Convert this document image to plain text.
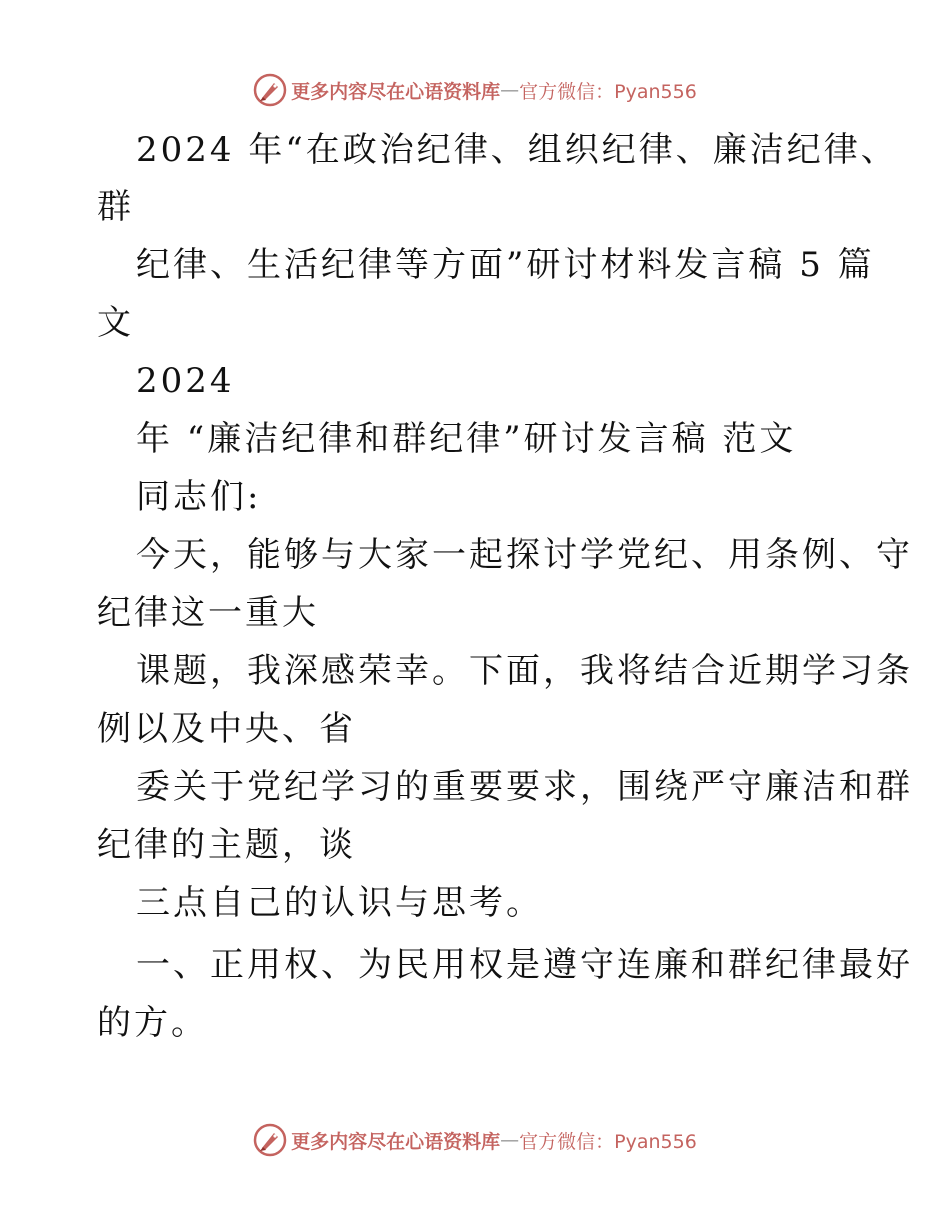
更多内容尽在心语资料库 — 官方微信：Pyan556
2024 年“在政治纪律、组织纪律、廉洁纪律、
群
纪律、生活纪律等方面”研讨材料发言稿 5 篇
文
2024
年 “廉洁纪律和群纪律”研讨发言稿 范文
同志们:
今天，能够与大家一起探讨学党纪、用条例、守
纪律这一重大
课题，我深感荣幸。下面，我将结合近期学习条
例以及中央、省
委关于党纪学习的重要要求，围绕严守廉洁和群
纪律的主题，谈
三点自己的认识与思考。
一、正用权、为民用权是遵守连廉和群纪律最好
的方。
更多内容尽在心语资料库 — 官方微信：Pyan556
